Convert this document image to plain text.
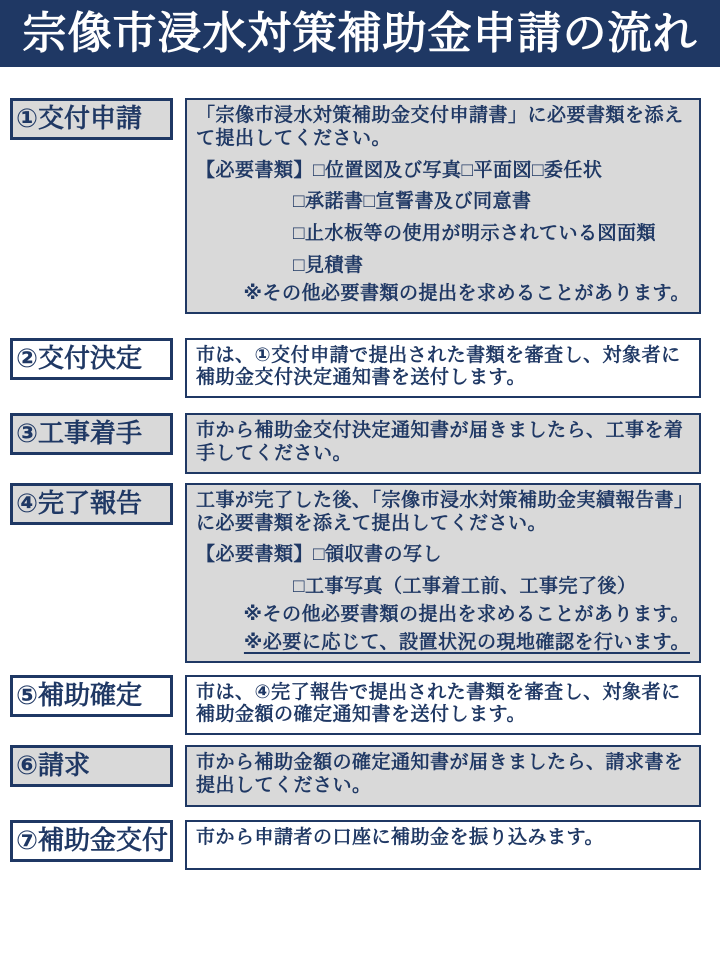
宗像市浸水対策補助金申請の流れ
①交付申請	「宗像市浸水対策補助金交付申請書」に必要書類を添えて提出してください。
【必要書類】□位置図及び写真□平面図□委任状
□承諾書□宣誓書及び同意書
□止水板等の使用が明示されている図面類
□見積書
※その他必要書類の提出を求めることがあります。
②交付決定	市は、①交付申請で提出された書類を審査し、対象者に補助金交付決定通知書を送付します。
③工事着手	市から補助金交付決定通知書が届きましたら、工事を着手してください。
④完了報告	工事が完了した後、「宗像市浸水対策補助金実績報告書」に必要書類を添えて提出してください。
【必要書類】□領収書の写し
□工事写真（工事着工前、工事完了後）
※その他必要書類の提出を求めることがあります。
※必要に応じて、設置状況の現地確認を行います。
⑤補助確定	市は、④完了報告で提出された書類を審査し、対象者に補助金額の確定通知書を送付します。
⑥請求	市から補助金額の確定通知書が届きましたら、請求書を提出してください。
⑦補助金交付 市から申請者の口座に補助金を振り込みます。
